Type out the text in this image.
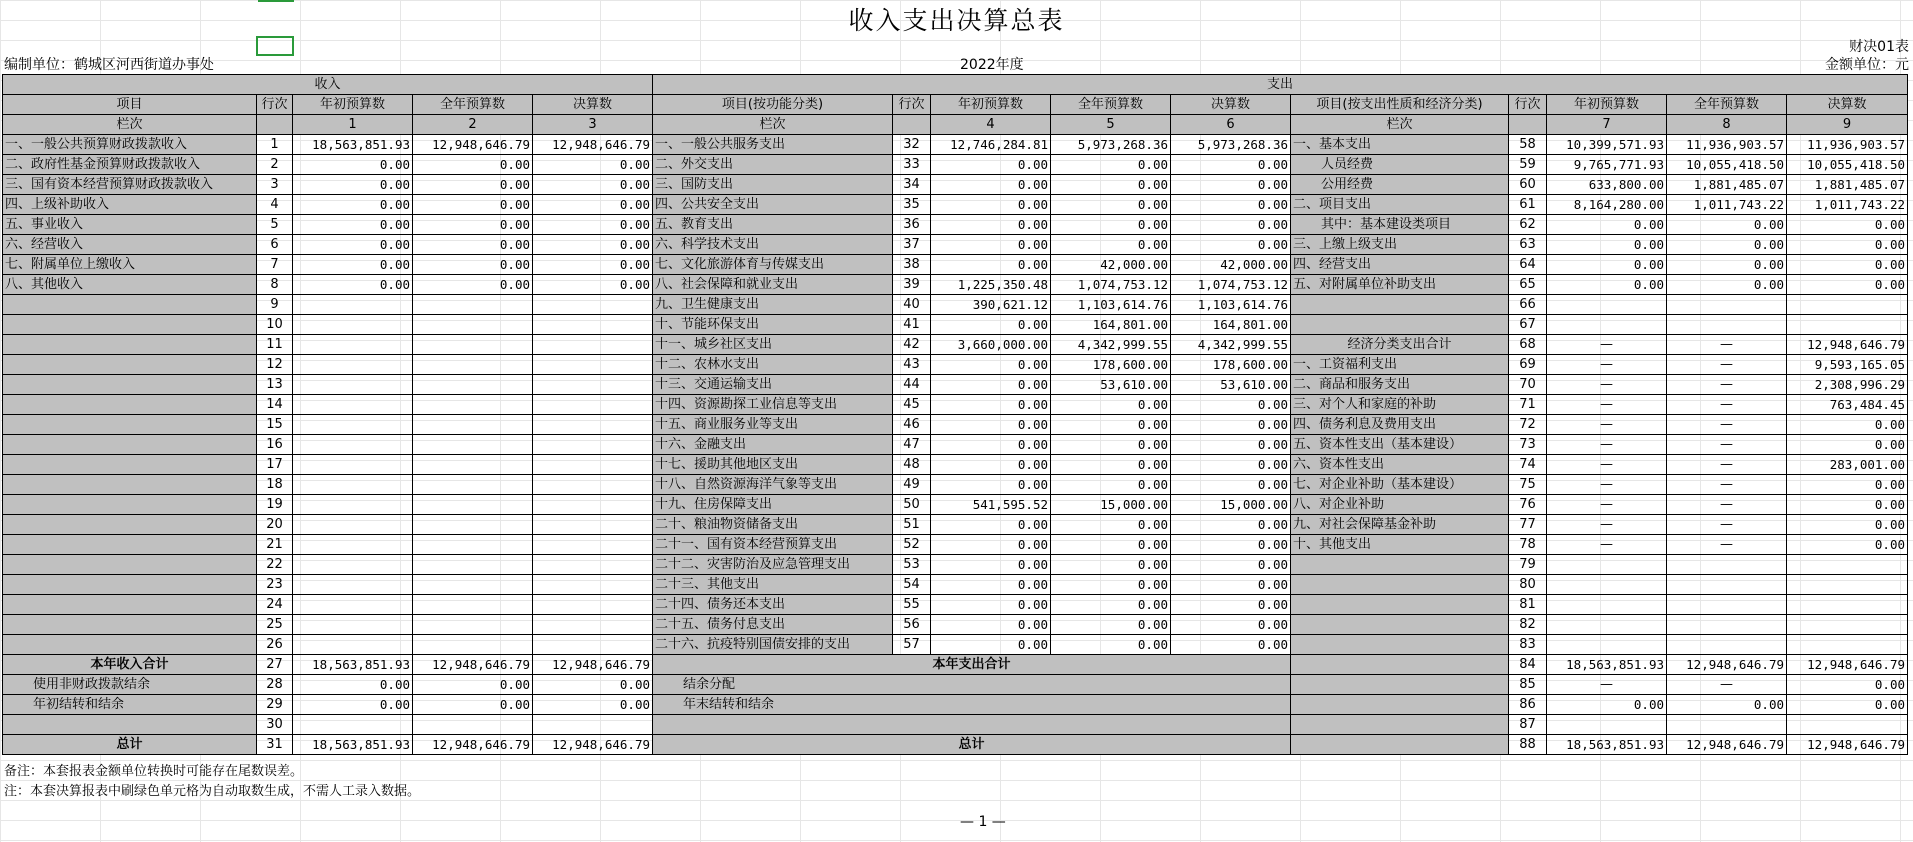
收入支出决算总表
财决01表
编制单位：鹤城区河西街道办事处	2022年度	金额单位：元
收入					支出									
项目	行次	年初预算数	全年预算数	决算数	项目(按功能分类)	行次	年初预算数	全年预算数	决算数	项目(按支出性质和经济分类)	行次	年初预算数	全年预算数	决算数
栏次		1	2	3	栏次		4	5	6	栏次		7	8	9
一、一般公共预算财政拨款收入	1	18,563,851.93	12,948,646.79	12,948,646.79	一、一般公共服务支出	32	12,746,284.81	5,973,268.36	5,973,268.36	一、基本支出	58	10,399,571.93	11,936,903.57	11,936,903.57
二、政府性基金预算财政拨款收入	2	0.00	0.00	0.00	二、外交支出	33	0.00	0.00	0.00	人员经费	59	9,765,771.93	10,055,418.50	10,055,418.50
三、国有资本经营预算财政拨款收入	3	0.00	0.00	0.00	三、国防支出	34	0.00	0.00	0.00	公用经费	60	633,800.00	1,881,485.07	1,881,485.07
四、上级补助收入	4	0.00	0.00	0.00	四、公共安全支出	35	0.00	0.00	0.00	二、项目支出	61	8,164,280.00	1,011,743.22	1,011,743.22
五、事业收入	5	0.00	0.00	0.00	五、教育支出	36	0.00	0.00	0.00	其中：基本建设类项目	62	0.00	0.00	0.00
六、经营收入	6	0.00	0.00	0.00	六、科学技术支出	37	0.00	0.00	0.00	三、上缴上级支出	63	0.00	0.00	0.00
七、附属单位上缴收入	7	0.00	0.00	0.00	七、文化旅游体育与传媒支出	38	0.00	42,000.00	42,000.00	四、经营支出	64	0.00	0.00	0.00
八、其他收入	8	0.00	0.00	0.00	八、社会保障和就业支出	39	1,225,350.48	1,074,753.12	1,074,753.12	五、对附属单位补助支出	65	0.00	0.00	0.00
	9				九、卫生健康支出	40	390,621.12	1,103,614.76	1,103,614.76		66			
	10				十、节能环保支出	41	0.00	164,801.00	164,801.00		67			
	11				十一、城乡社区支出	42	3,660,000.00	4,342,999.55	4,342,999.55	经济分类支出合计	68	—	—	12,948,646.79
	12				十二、农林水支出	43	0.00	178,600.00	178,600.00	一、工资福利支出	69	—	—	9,593,165.05
	13				十三、交通运输支出	44	0.00	53,610.00	53,610.00	二、商品和服务支出	70	—	—	2,308,996.29
	14				十四、资源勘探工业信息等支出	45	0.00	0.00	0.00	三、对个人和家庭的补助	71	—	—	763,484.45
	15				十五、商业服务业等支出	46	0.00	0.00	0.00	四、债务利息及费用支出	72	—	—	0.00
	16				十六、金融支出	47	0.00	0.00	0.00	五、资本性支出（基本建设）	73	—	—	0.00
	17				十七、援助其他地区支出	48	0.00	0.00	0.00	六、资本性支出	74	—	—	283,001.00
	18				十八、自然资源海洋气象等支出	49	0.00	0.00	0.00	七、对企业补助（基本建设）	75	—	—	0.00
	19				十九、住房保障支出	50	541,595.52	15,000.00	15,000.00	八、对企业补助	76	—	—	0.00
	20				二十、粮油物资储备支出	51	0.00	0.00	0.00	九、对社会保障基金补助	77	—	—	0.00
	21				二十一、国有资本经营预算支出	52	0.00	0.00	0.00	十、其他支出	78	—	—	0.00
	22				二十二、灾害防治及应急管理支出	53	0.00	0.00	0.00		79			
	23				二十三、其他支出	54	0.00	0.00	0.00		80			
	24				二十四、债务还本支出	55	0.00	0.00	0.00		81			
	25				二十五、债务付息支出	56	0.00	0.00	0.00		82			
	26				二十六、抗疫特别国债安排的支出	57	0.00	0.00	0.00		83			
本年收入合计	27	18,563,851.93	12,948,646.79	12,948,646.79	本年支出合计						84	18,563,851.93	12,948,646.79	12,948,646.79
使用非财政拨款结余	28	0.00	0.00	0.00	结余分配						85	—	—	0.00
年初结转和结余	29	0.00	0.00	0.00	年末结转和结余						86	0.00	0.00	0.00
	30										87			
总计	31	18,563,851.93	12,948,646.79	12,948,646.79	总计						88	18,563,851.93	12,948,646.79	12,948,646.79
备注：本套报表金额单位转换时可能存在尾数误差。
注：本套决算报表中刷绿色单元格为自动取数生成，不需人工录入数据。
— 1 —
